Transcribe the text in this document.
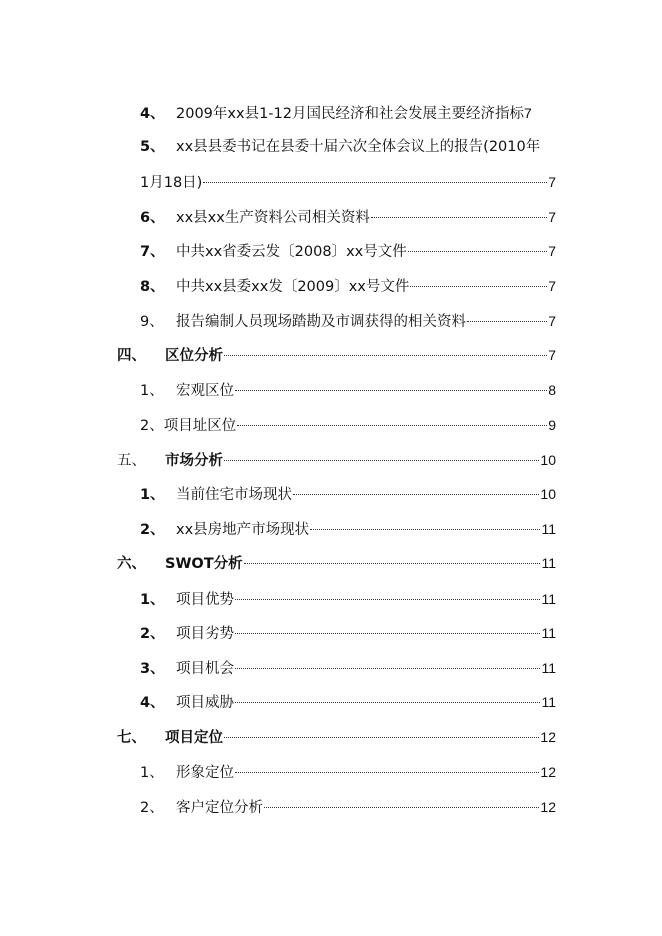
4、 2009年xx县1-12月国民经济和社会发展主要经济指标 7
5、 xx县县委书记在县委十届六次全体会议上的报告(2010年
1月18日)	7
6、 xx县xx生产资料公司相关资料	7
7、 中共xx省委云发〔2008〕xx号文件	7
8、 中共xx县委xx发〔2009〕xx号文件	7
9、 报告编制人员现场踏勘及市调获得的相关资料	7
四、	区位分析	7
1、 宏观区位	8
2、 项目址区位	9
五、	市场分析	10
1、 当前住宅市场现状	10
2、 xx县房地产市场现状	11
六、	SWOT分析	11
1、 项目优势	11
2、 项目劣势	11
3、 项目机会	11
4、 项目威胁	11
七、	项目定位	12
1、 形象定位	12
2、 客户定位分析	12
